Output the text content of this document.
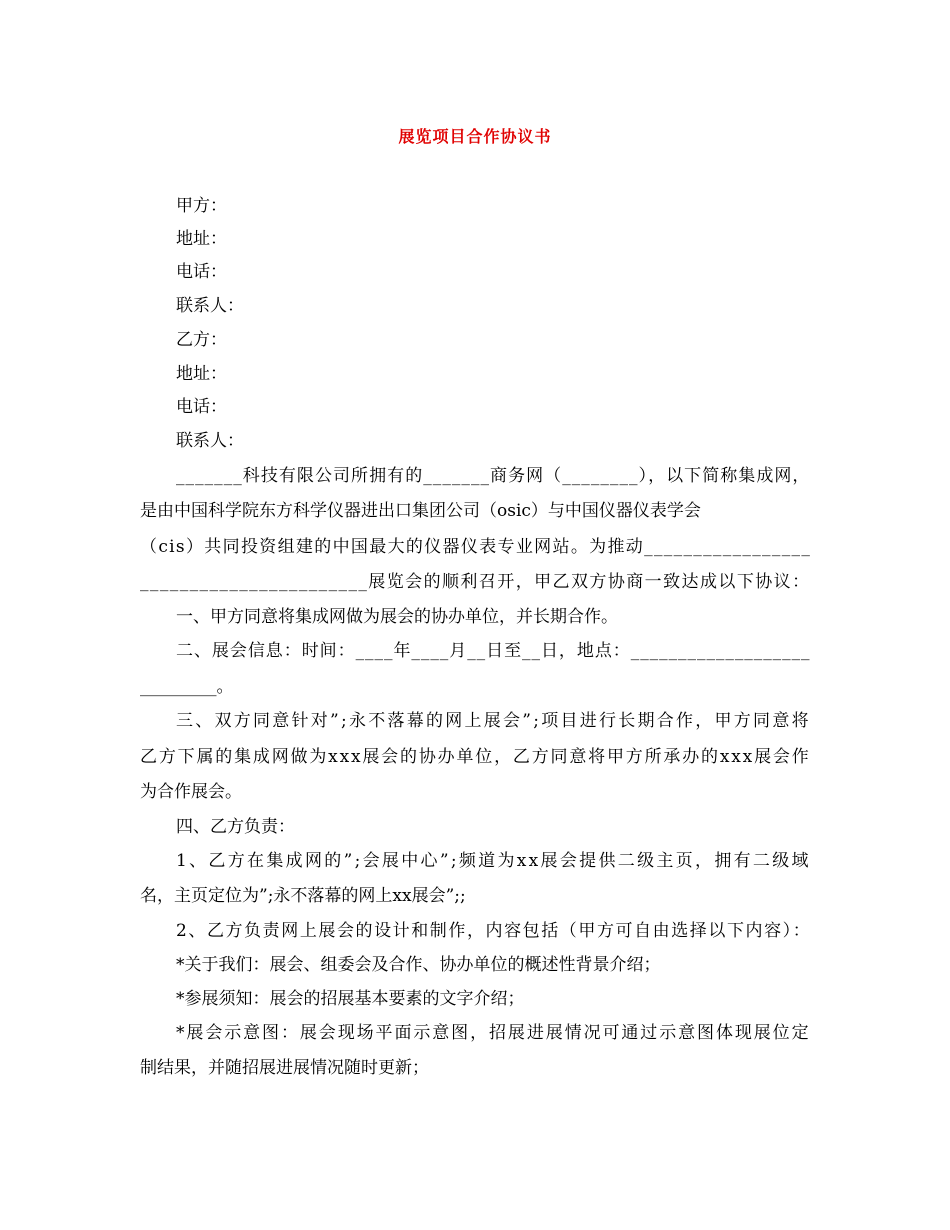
展览项目合作协议书
甲方：
地址：
电话：
联系人：
乙方：
地址：
电话：
联系人：
_______科技有限公司所拥有的_______商务网（________），以下简称集成网，
是由中国科学院东方科学仪器进出口集团公司（osic）与中国仪器仪表学会
（cis）共同投资组建的中国最大的仪器仪表专业网站。为推动_________________
_______________________展览会的顺利召开，甲乙双方协商一致达成以下协议：
一、甲方同意将集成网做为展会的协办单位，并长期合作。
二、展会信息：时间：____年____月__日至__日，地点：___________________
_________。
三、双方同意针对”;永不落幕的网上展会”;项目进行长期合作，甲方同意将
乙方下属的集成网做为xxx展会的协办单位，乙方同意将甲方所承办的xxx展会作
为合作展会。
四、乙方负责：
1、乙方在集成网的”;会展中心”;频道为xx展会提供二级主页，拥有二级域
名，主页定位为”;永不落幕的网上xx展会”;;
2、乙方负责网上展会的设计和制作，内容包括（甲方可自由选择以下内容）：
*关于我们：展会、组委会及合作、协办单位的概述性背景介绍；
*参展须知：展会的招展基本要素的文字介绍；
*展会示意图：展会现场平面示意图，招展进展情况可通过示意图体现展位定
制结果，并随招展进展情况随时更新；
